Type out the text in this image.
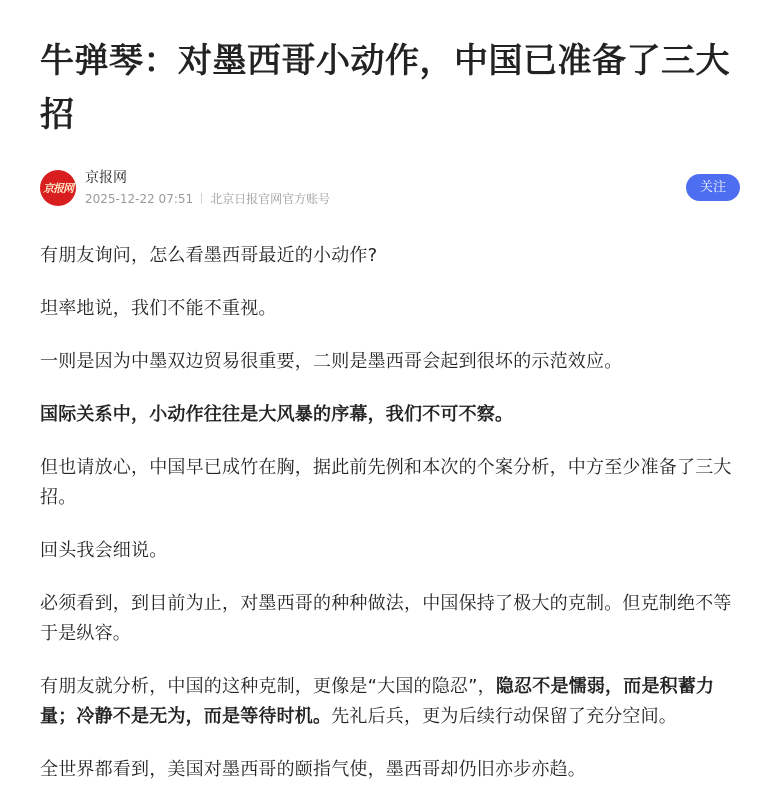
牛弹琴：对墨西哥小动作，中国已准备了三大招
京报网
京报网
2025-12-22 07:51 北京日报官网官方账号
关注

有朋友询问，怎么看墨西哥最近的小动作?

坦率地说，我们不能不重视。

一则是因为中墨双边贸易很重要，二则是墨西哥会起到很坏的示范效应。

国际关系中，小动作往往是大风暴的序幕，我们不可不察。

但也请放心，中国早已成竹在胸，据此前先例和本次的个案分析，中方至少准备了三大招。

回头我会细说。

必须看到，到目前为止，对墨西哥的种种做法，中国保持了极大的克制。但克制绝不等于是纵容。

有朋友就分析，中国的这种克制，更像是“大国的隐忍”，隐忍不是懦弱，而是积蓄力量；冷静不是无为，而是等待时机。先礼后兵，更为后续行动保留了充分空间。

全世界都看到，美国对墨西哥的颐指气使，墨西哥却仍旧亦步亦趋。
